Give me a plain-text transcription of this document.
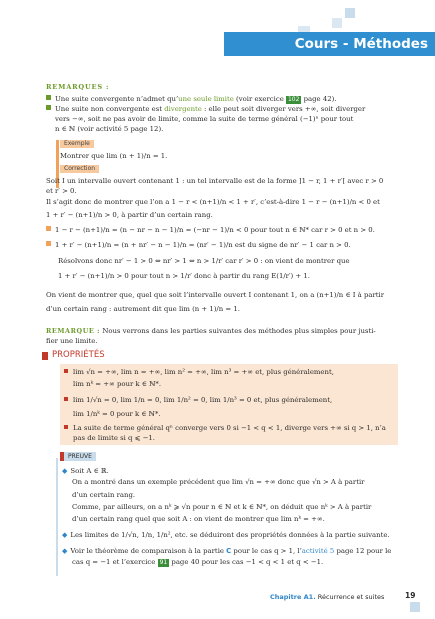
Cours - Méthodes
REMARQUES :
Une suite convergente n’admet qu’une seule limite (voir exercice 102 page 42).
Une suite non convergente est divergente : elle peut soit diverger vers +∞, soit diverger
vers −∞, soit ne pas avoir de limite, comme la suite de terme général (−1)ⁿ pour tout
n ∈ ℕ (voir activité 5 page 12).
Exemple
Montrer que lim (n + 1)/n = 1.
Correction
Soit I un intervalle ouvert contenant 1 : un tel intervalle est de la forme ]1 − r, 1 + r′[ avec r > 0
et r′ > 0.
Il s’agit donc de montrer que l’on a 1 − r < (n+1)/n < 1 + r′, c’est-à-dire 1 − r − (n+1)/n < 0 et
1 + r′ − (n+1)/n > 0, à partir d’un certain rang.
1 − r − (n+1)/n = (n − nr − n − 1)/n = (−nr − 1)/n < 0 pour tout n ∈ ℕ* car r > 0 et n > 0.
1 + r′ − (n+1)/n = (n + nr′ − n − 1)/n = (nr′ − 1)/n est du signe de nr′ − 1 car n > 0.
Résolvons donc nr′ − 1 > 0 ⇔ nr′ > 1 ⇔ n > 1/r′ car r′ > 0 : on vient de montrer que
1 + r′ − (n+1)/n > 0 pour tout n > 1/r′ donc à partir du rang E(1/r′) + 1.
On vient de montrer que, quel que soit l’intervalle ouvert I contenant 1, on a (n+1)/n ∈ I à partir
d’un certain rang : autrement dit que lim (n + 1)/n = 1.
REMARQUE : Nous verrons dans les parties suivantes des méthodes plus simples pour justi-
fier une limite.
PROPRIÉTÉS
lim √n = +∞, lim n = +∞, lim n² = +∞, lim n³ = +∞ et, plus généralement,
lim nᵏ = +∞ pour k ∈ ℕ*.
lim 1/√n = 0, lim 1/n = 0, lim 1/n² = 0, lim 1/n³ = 0 et, plus généralement,
lim 1/nᵏ = 0 pour k ∈ ℕ*.
La suite de terme général qⁿ converge vers 0 si −1 < q < 1, diverge vers +∞ si q > 1, n’a
pas de limite si q ⩽ −1.
PREUVE
◆ Soit A ∈ ℝ.
On a montré dans un exemple précédent que lim √n = +∞ donc que √n > A à partir
d’un certain rang.
Comme, par ailleurs, on a nᵏ ⩾ √n pour n ∈ ℕ et k ∈ ℕ*, on déduit que nᵏ > A à partir
d’un certain rang quel que soit A : on vient de montrer que lim nᵏ = +∞.
◆ Les limites de 1/√n, 1/n, 1/n², etc. se déduiront des propriétés données à la partie suivante.
◆ Voir le théorème de comparaison à la partie C pour le cas q > 1, l’activité 5 page 12 pour le
cas q = −1 et l’exercice 91 page 40 pour les cas −1 < q < 1 et q < −1.
Chapitre A1. Récurrence et suites	19
